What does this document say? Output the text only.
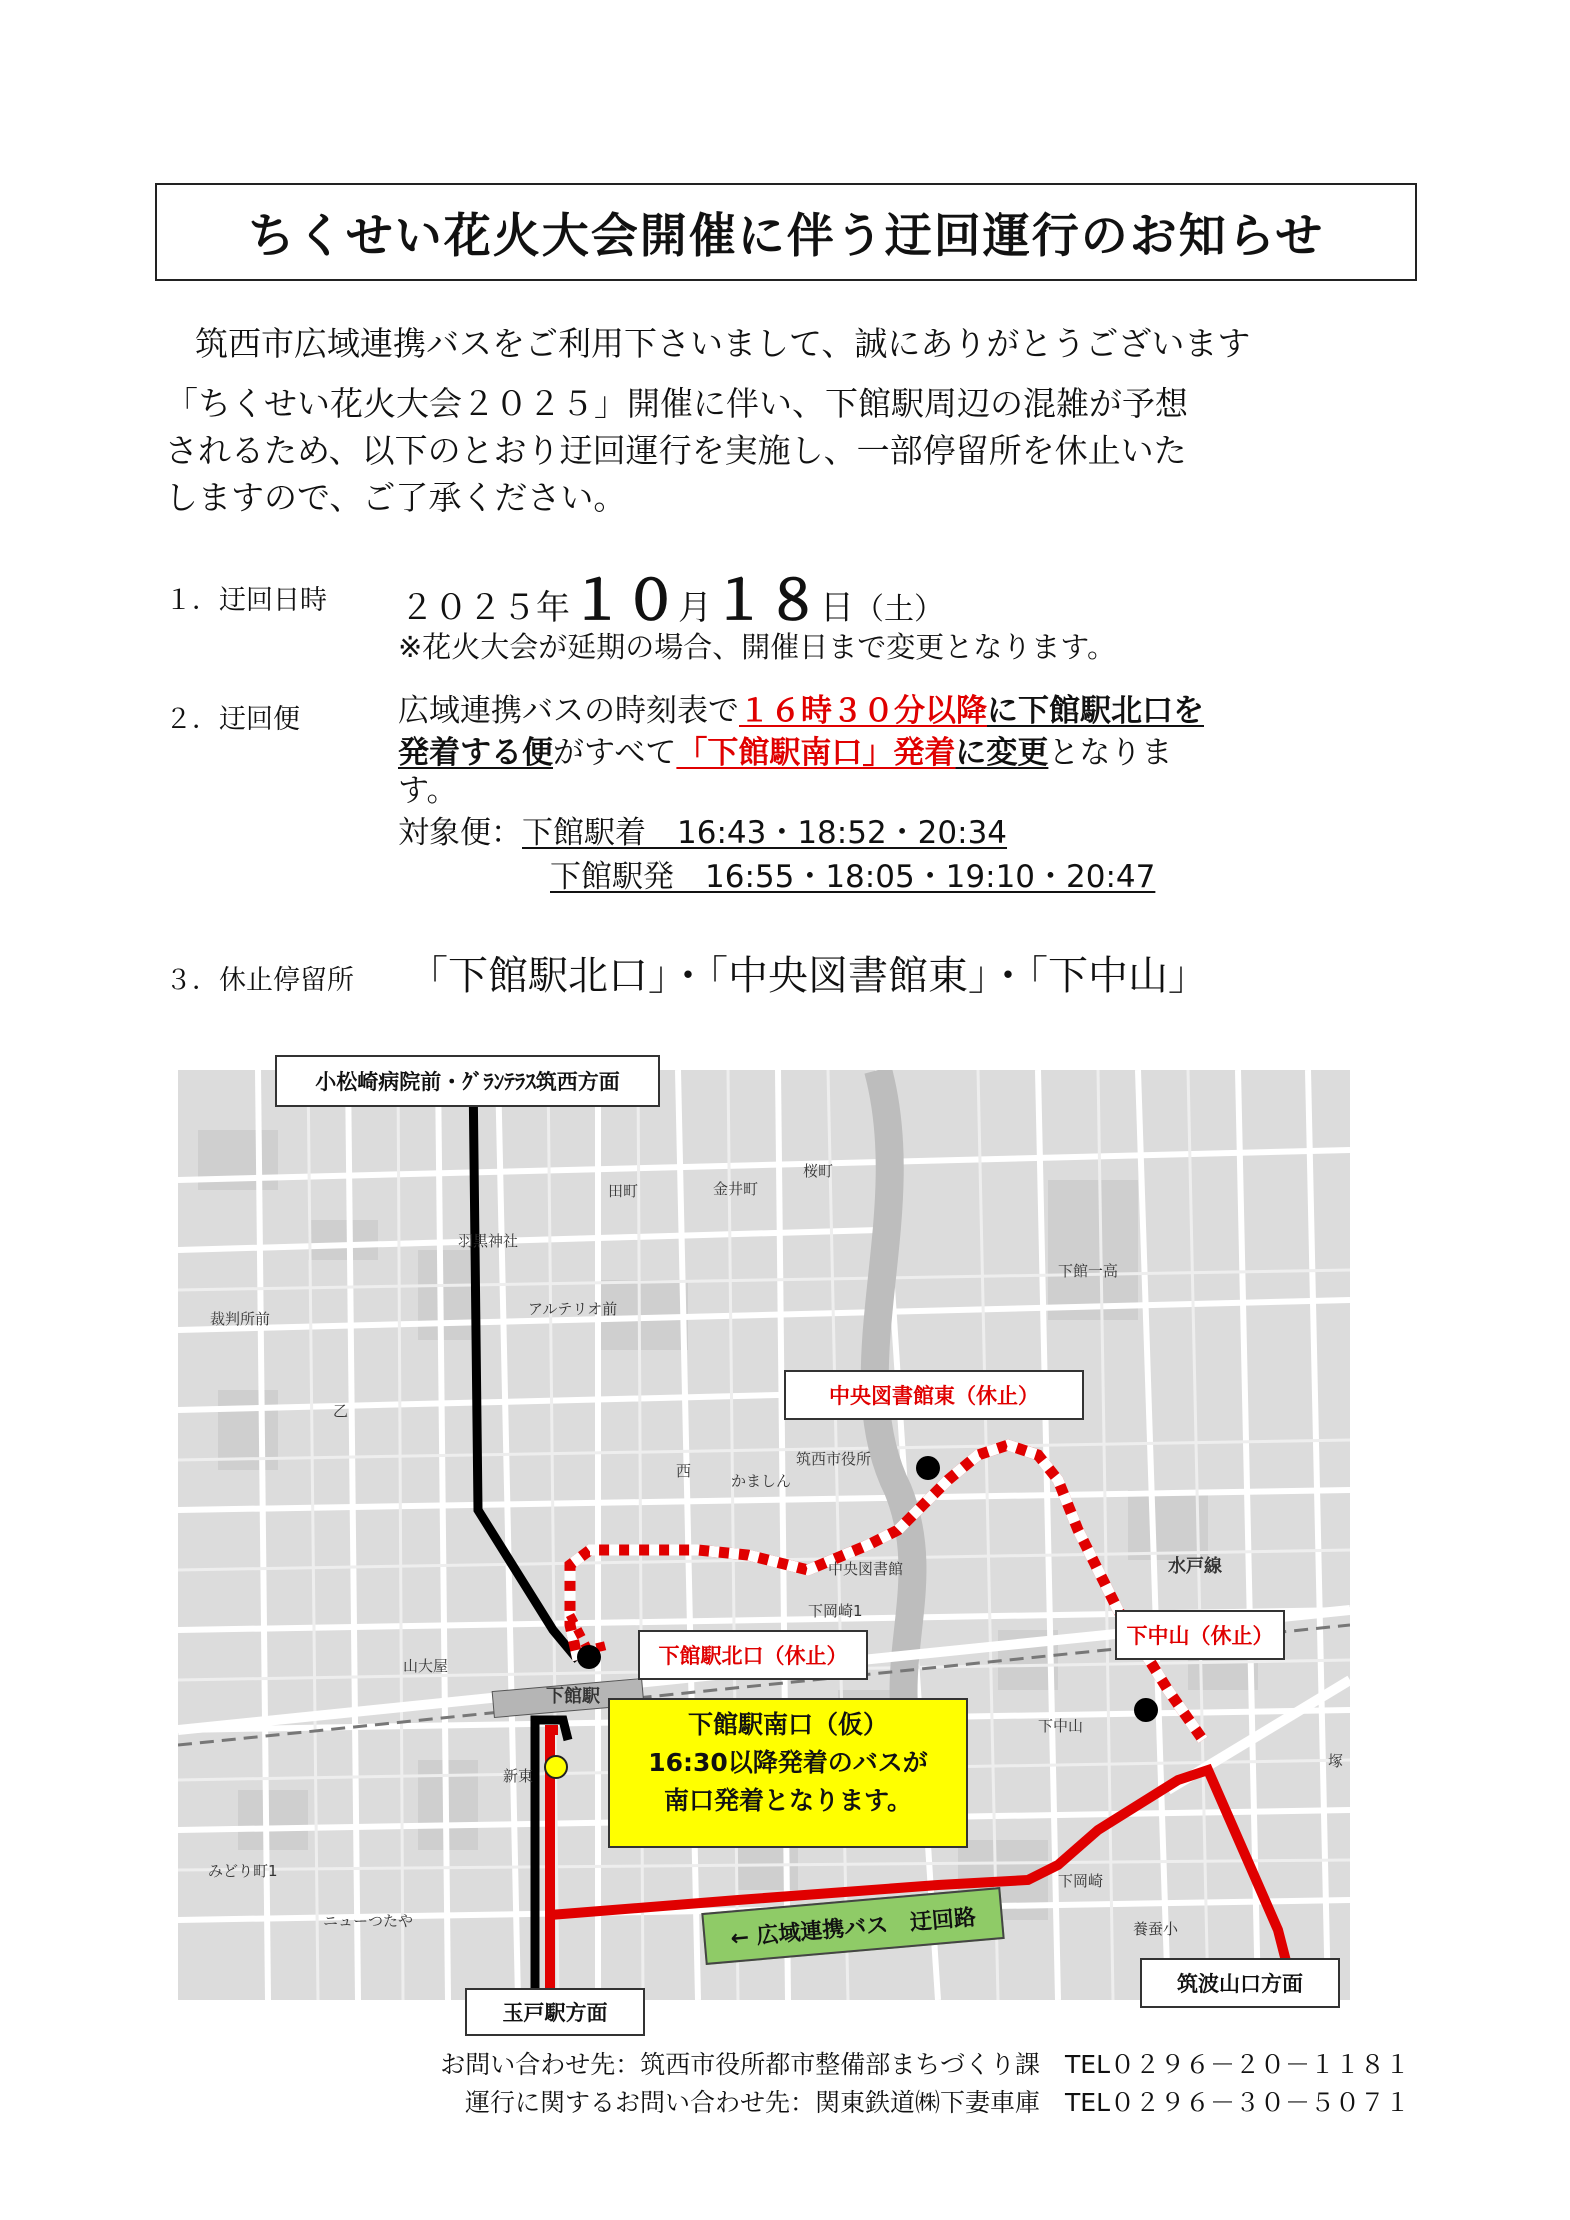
ちくせい花火大会開催に伴う迂回運行のお知らせ
筑西市広域連携バスをご利用下さいまして、誠にありがとうございます
「ちくせい花火大会２０２５」開催に伴い、下館駅周辺の混雑が予想
されるため、以下のとおり迂回運行を実施し、一部停留所を休止いた
しますので、ご了承ください。
１．迂回日時 ２０２５年１０月１８日（土）
※花火大会が延期の場合、開催日まで変更となります。
２．迂回便	広域連携バスの時刻表で１６時３０分以降に下館駅北口を
発着する便がすべて「下館駅南口」発着に変更となりま
す。
対象便：下館駅着　 16:43・18:52・20:34
下館駅発　 16:55・18:05・19:10・20:47
３．休止停留所 「下館駅北口」・「中央図書館東」・「下中山」
下館駅
水戸線
筑西市役所
中央図書館
下館一高
羽黒神社
かましん
下岡崎1
下中山
みどり町1
ニューつたや
山大屋
乙
西
新東
裁判所前
金井町
田町
桜町
アルテリオ前
養蚕小
下岡崎
塚
小松崎病院前・ｸﾞﾗﾝﾃﾗｽ筑西方面
中央図書館東（休止）
下館駅北口（休止）
下中山（休止）
下館駅南口（仮）
16:30以降発着のバスが
南口発着となります。
← 広域連携バス　迂回路
玉戸駅方面
筑波山口方面
お問い合わせ先：筑西市役所都市整備部まちづくり課　TEL０２９６－２０－１１８１
運行に関するお問い合わせ先：関東鉄道㈱下妻車庫　TEL０２９６－３０－５０７１
